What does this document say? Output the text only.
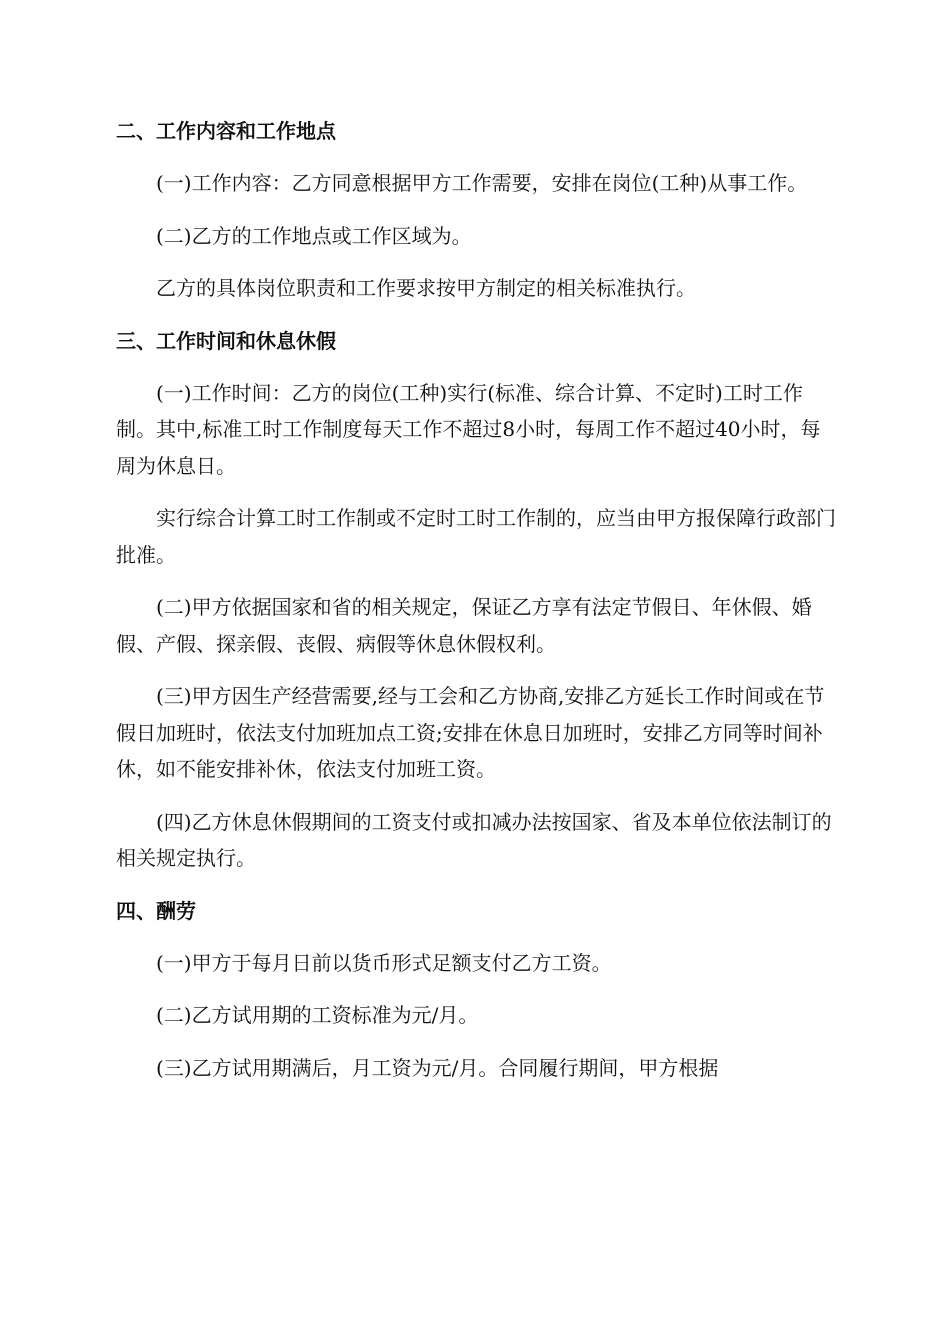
二、工作内容和工作地点

(一)工作内容：乙方同意根据甲方工作需要，安排在岗位(工种)从事工作。

(二)乙方的工作地点或工作区域为。

乙方的具体岗位职责和工作要求按甲方制定的相关标准执行。

三、工作时间和休息休假

(一)工作时间：乙方的岗位(工种)实行(标准、综合计算、不定时)工时工作制。其中,标准工时工作制度每天工作不超过8小时，每周工作不超过40小时，每周为休息日。

实行综合计算工时工作制或不定时工时工作制的，应当由甲方报保障行政部门批准。

(二)甲方依据国家和省的相关规定，保证乙方享有法定节假日、年休假、婚假、产假、探亲假、丧假、病假等休息休假权利。

(三)甲方因生产经营需要,经与工会和乙方协商,安排乙方延长工作时间或在节假日加班时，依法支付加班加点工资;安排在休息日加班时，安排乙方同等时间补休，如不能安排补休，依法支付加班工资。

(四)乙方休息休假期间的工资支付或扣减办法按国家、省及本单位依法制订的相关规定执行。

四、酬劳

(一)甲方于每月日前以货币形式足额支付乙方工资。

(二)乙方试用期的工资标准为元/月。

(三)乙方试用期满后，月工资为元/月。合同履行期间，甲方根据
